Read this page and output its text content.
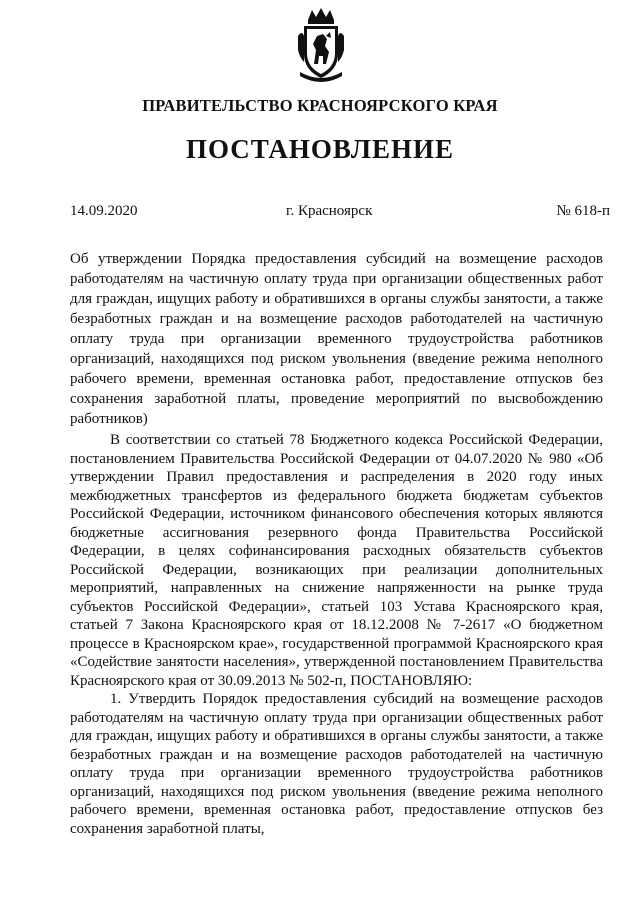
ПРАВИТЕЛЬСТВО КРАСНОЯРСКОГО КРАЯ
ПОСТАНОВЛЕНИЕ
14.09.2020	г. Красноярск	№ 618-п
Об утверждении Порядка предоставления субсидий на возмещение расходов работодателям на частичную оплату труда при организации общественных работ для граждан, ищущих работу и обратившихся в органы службы занятости, а также безработных граждан и на возмещение расходов работодателей на частичную оплату труда при организации временного трудоустройства работников организаций, находящихся под риском увольнения (введение режима неполного рабочего времени, временная остановка работ, предоставление отпусков без сохранения заработной платы, проведение мероприятий по высвобождению работников)

В соответствии со статьей 78 Бюджетного кодекса Российской Федерации, постановлением Правительства Российской Федерации от 04.07.2020 № 980 «Об утверждении Правил предоставления и распределения в 2020 году иных межбюджетных трансфертов из федерального бюджета бюджетам субъектов Российской Федерации, источником финансового обеспечения которых являются бюджетные ассигнования резервного фонда Правительства Российской Федерации, в целях софинансирования расходных обязательств субъектов Российской Федерации, возникающих при реализации дополнительных мероприятий, направленных на снижение напряженности на рынке труда субъектов Российской Федерации», статьей 103 Устава Красноярского края, статьей 7 Закона Красноярского края от 18.12.2008 № 7-2617 «О бюджетном процессе в Красноярском крае», государственной программой Красноярского края «Содействие занятости населения», утвержденной постановлением Правительства Красноярского края от 30.09.2013 № 502-п, ПОСТАНОВЛЯЮ:

1. Утвердить Порядок предоставления субсидий на возмещение расходов работодателям на частичную оплату труда при организации общественных работ для граждан, ищущих работу и обратившихся в органы службы занятости, а также безработных граждан и на возмещение расходов работодателей на частичную оплату труда при организации временного трудоустройства работников организаций, находящихся под риском увольнения (введение режима неполного рабочего времени, временная остановка работ, предоставление отпусков без сохранения заработной платы,
